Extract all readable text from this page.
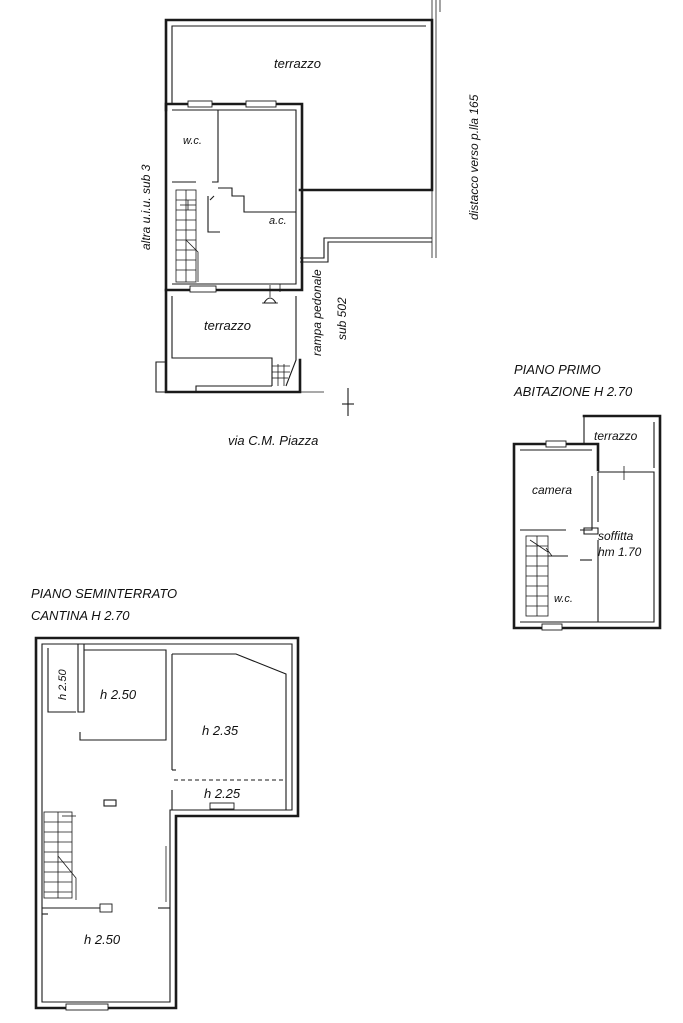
terrazzo
w.c.
a.c.
terrazzo
altra u.i.u. sub 3	distacco verso p.lla 165
rampa pedonale sub 502
via C.M. Piazza
PIANO PRIMO
ABITAZIONE H 2.70
terrazzo
camera
soffitta
hm 1.70
w.c.
PIANO SEMINTERRATO
CANTINA H 2.70
h 2.50 h 2.50
h 2.35
h 2.25
h 2.50
